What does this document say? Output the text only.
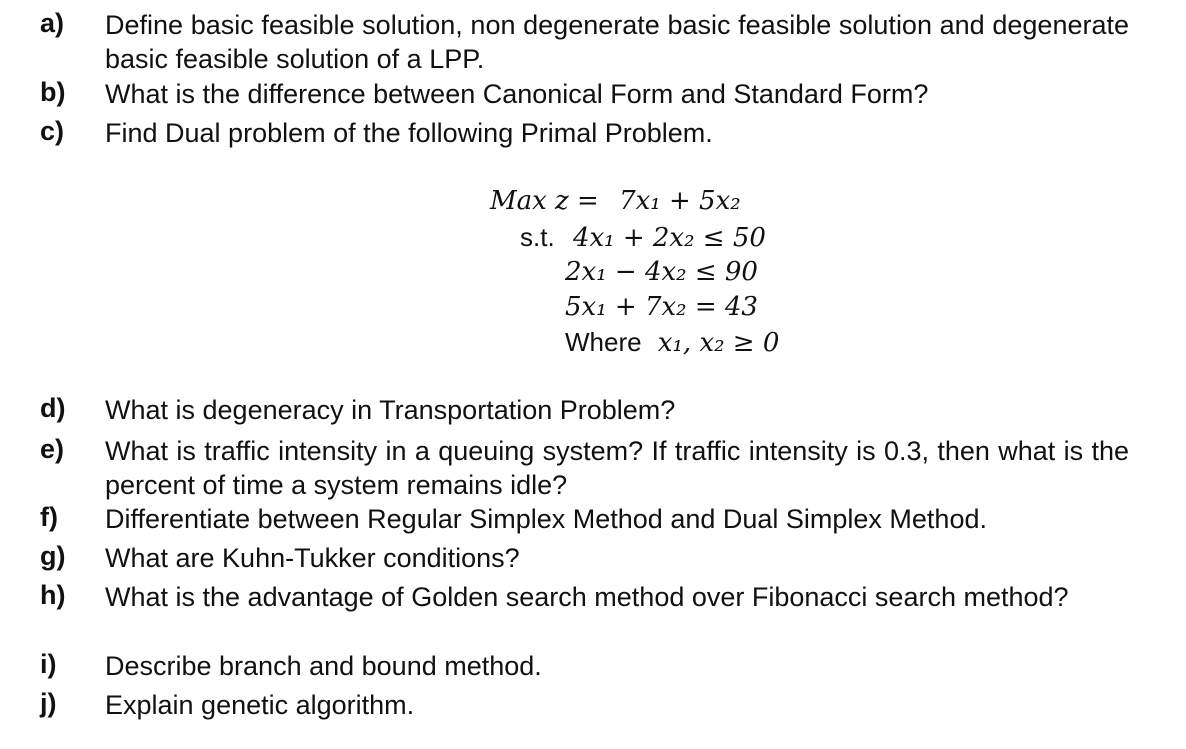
a)	Define basic feasible solution, non degenerate basic feasible solution and degenerate basic feasible solution of a LPP.
b)	What is the difference between Canonical Form and Standard Form?
c)	Find Dual problem of the following Primal Problem.
Max z = 7x₁ + 5x₂
s.t. 4x₁ + 2x₂ ≤ 50
2x₁ − 4x₂ ≤ 90
5x₁ + 7x₂ = 43
Where x₁, x₂ ≥ 0
d)	What is degeneracy in Transportation Problem?
e)	What is traffic intensity in a queuing system? If traffic intensity is 0.3, then what is the percent of time a system remains idle?
f)	Differentiate between Regular Simplex Method and Dual Simplex Method.
g)	What are Kuhn-Tukker conditions?
h)	What is the advantage of Golden search method over Fibonacci search method?
i)	Describe branch and bound method.
j)	Explain genetic algorithm.
